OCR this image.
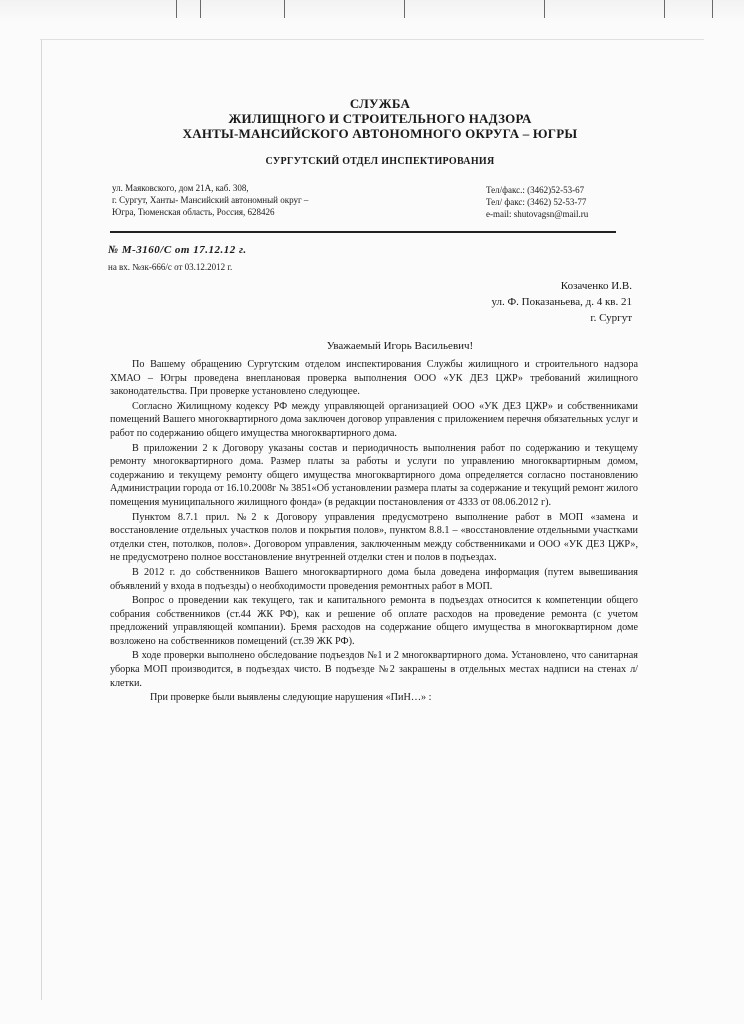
СЛУЖБА
ЖИЛИЩНОГО И СТРОИТЕЛЬНОГО НАДЗОРА
ХАНТЫ-МАНСИЙСКОГО АВТОНОМНОГО ОКРУГА – ЮГРЫ
СУРГУТСКИЙ ОТДЕЛ ИНСПЕКТИРОВАНИЯ
ул. Маяковского, дом 21А, каб. 308,
г. Сургут, Ханты- Мансийский автономный округ –
Югра, Тюменская область, Россия, 628426
Тел/факс.: (3462)52-53-67
Тел/ факс: (3462) 52-53-77
e-mail: shutovagsn@mail.ru
№ М-3160/С от 17.12.12 г.
на вх. №зк-666/с от 03.12.2012 г.
Козаченко И.В.
ул. Ф. Показаньева, д. 4 кв. 21
г. Сургут
Уважаемый Игорь Васильевич!

По Вашему обращению Сургутским отделом инспектирования Службы жилищного и строительного надзора ХМАО – Югры проведена внеплановая проверка выполнения ООО «УК ДЕЗ ЦЖР» требований жилищного законодательства. При проверке установлено следующее.

Согласно Жилищному кодексу РФ между управляющей организацией ООО «УК ДЕЗ ЦЖР» и собственниками помещений Вашего многоквартирного дома заключен договор управления с приложением перечня обязательных услуг и работ по содержанию общего имущества многоквартирного дома.

В приложении 2 к Договору указаны состав и периодичность выполнения работ по содержанию и текущему ремонту многоквартирного дома. Размер платы за работы и услуги по управлению многоквартирным домом, содержанию и текущему ремонту общего имущества многоквартирного дома определяется согласно постановлению Администрации города от 16.10.2008г № 3851«Об установлении размера платы за содержание и текущий ремонт жилого помещения муниципального жилищного фонда» (в редакции постановления от 4333 от 08.06.2012 г).

Пунктом 8.7.1 прил. №2 к Договору управления предусмотрено выполнение работ в МОП «замена и восстановление отдельных участков полов и покрытия полов», пунктом 8.8.1 – «восстановление отдельными участками отделки стен, потолков, полов». Договором управления, заключенным между собственниками и ООО «УК ДЕЗ ЦЖР», не предусмотрено полное восстановление внутренней отделки стен и полов в подъездах.

В 2012 г. до собственников Вашего многоквартирного дома была доведена информация (путем вывешивания объявлений у входа в подъезды) о необходимости проведения ремонтных работ в МОП.

Вопрос о проведении как текущего, так и капитального ремонта в подъездах относится к компетенции общего собрания собственников (ст.44 ЖК РФ), как и решение об оплате расходов на проведение ремонта (с учетом предложений управляющей компании). Бремя расходов на содержание общего имущества в многоквартирном доме возложено на собственников помещений (ст.39 ЖК РФ).

В ходе проверки выполнено обследование подъездов №1 и 2 многоквартирного дома. Установлено, что санитарная уборка МОП производится, в подъездах чисто. В подъезде №2 закрашены в отдельных местах надписи на стенах л/клетки.

При проверке были выявлены следующие нарушения «ПиН…» :
